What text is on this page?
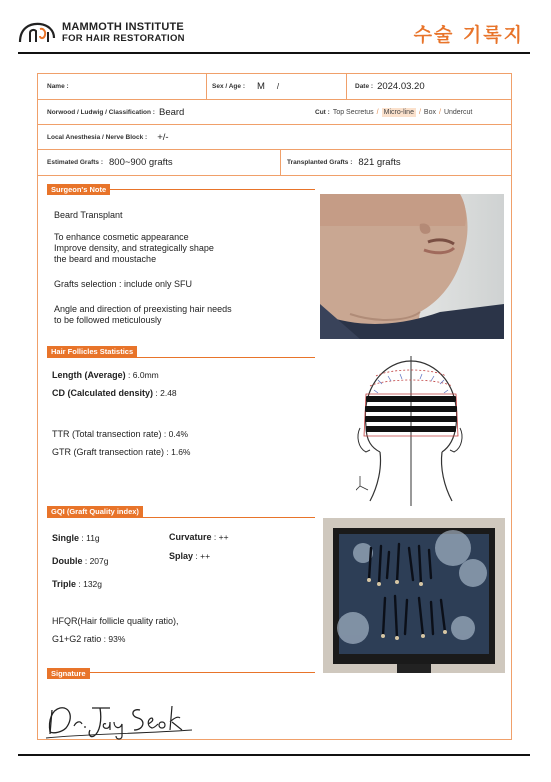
MAMMOTH INSTITUTE
FOR HAIR RESTORATION	수술 기록지
Name :	Sex / Age : M /	Date : 2024.03.20
Norwood / Ludwig / Classification : Beard	Cut : Top Secretus / Micro-line / Box / Undercut
Local Anesthesia / Nerve Block : +/-
Estimated Grafts : 800~900 grafts	Transplanted Grafts : 821 grafts
Surgeon's Note
Beard Transplant
To enhance cosmetic appearance
Improve density, and strategically shape
the beard and moustache
Grafts selection : include only SFU
Angle and direction of preexisting hair needs
to be followed meticulously
Hair Follicles Statistics
Length (Average) : 6.0mm
CD (Calculated density) : 2.48
TTR (Total transection rate) : 0.4%
GTR (Graft transection rate) : 1.6%
GQI (Graft Quality index)
Single : 11g	Curvature : ++
Splay : ++
Double : 207g
Triple : 132g
HFQR(Hair follicle quality ratio),
G1+G2 ratio : 93%
Signature
